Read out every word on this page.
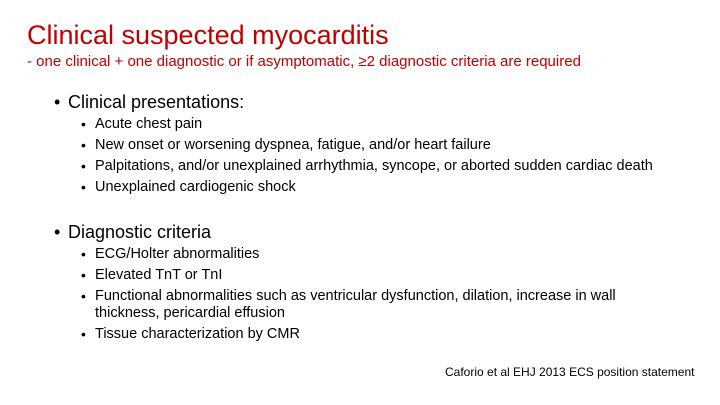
Clinical suspected myocarditis
- one clinical + one diagnostic or if asymptomatic, ≥2 diagnostic criteria are required
• Clinical presentations:
• Acute chest pain
• New onset or worsening dyspnea, fatigue, and/or heart failure
• Palpitations, and/or unexplained arrhythmia, syncope, or aborted sudden cardiac death
• Unexplained cardiogenic shock
• Diagnostic criteria
• ECG/Holter abnormalities
• Elevated TnT or TnI
• Functional abnormalities such as ventricular dysfunction, dilation, increase in wall thickness, pericardial effusion
• Tissue characterization by CMR
Caforio et al EHJ 2013 ECS position statement
